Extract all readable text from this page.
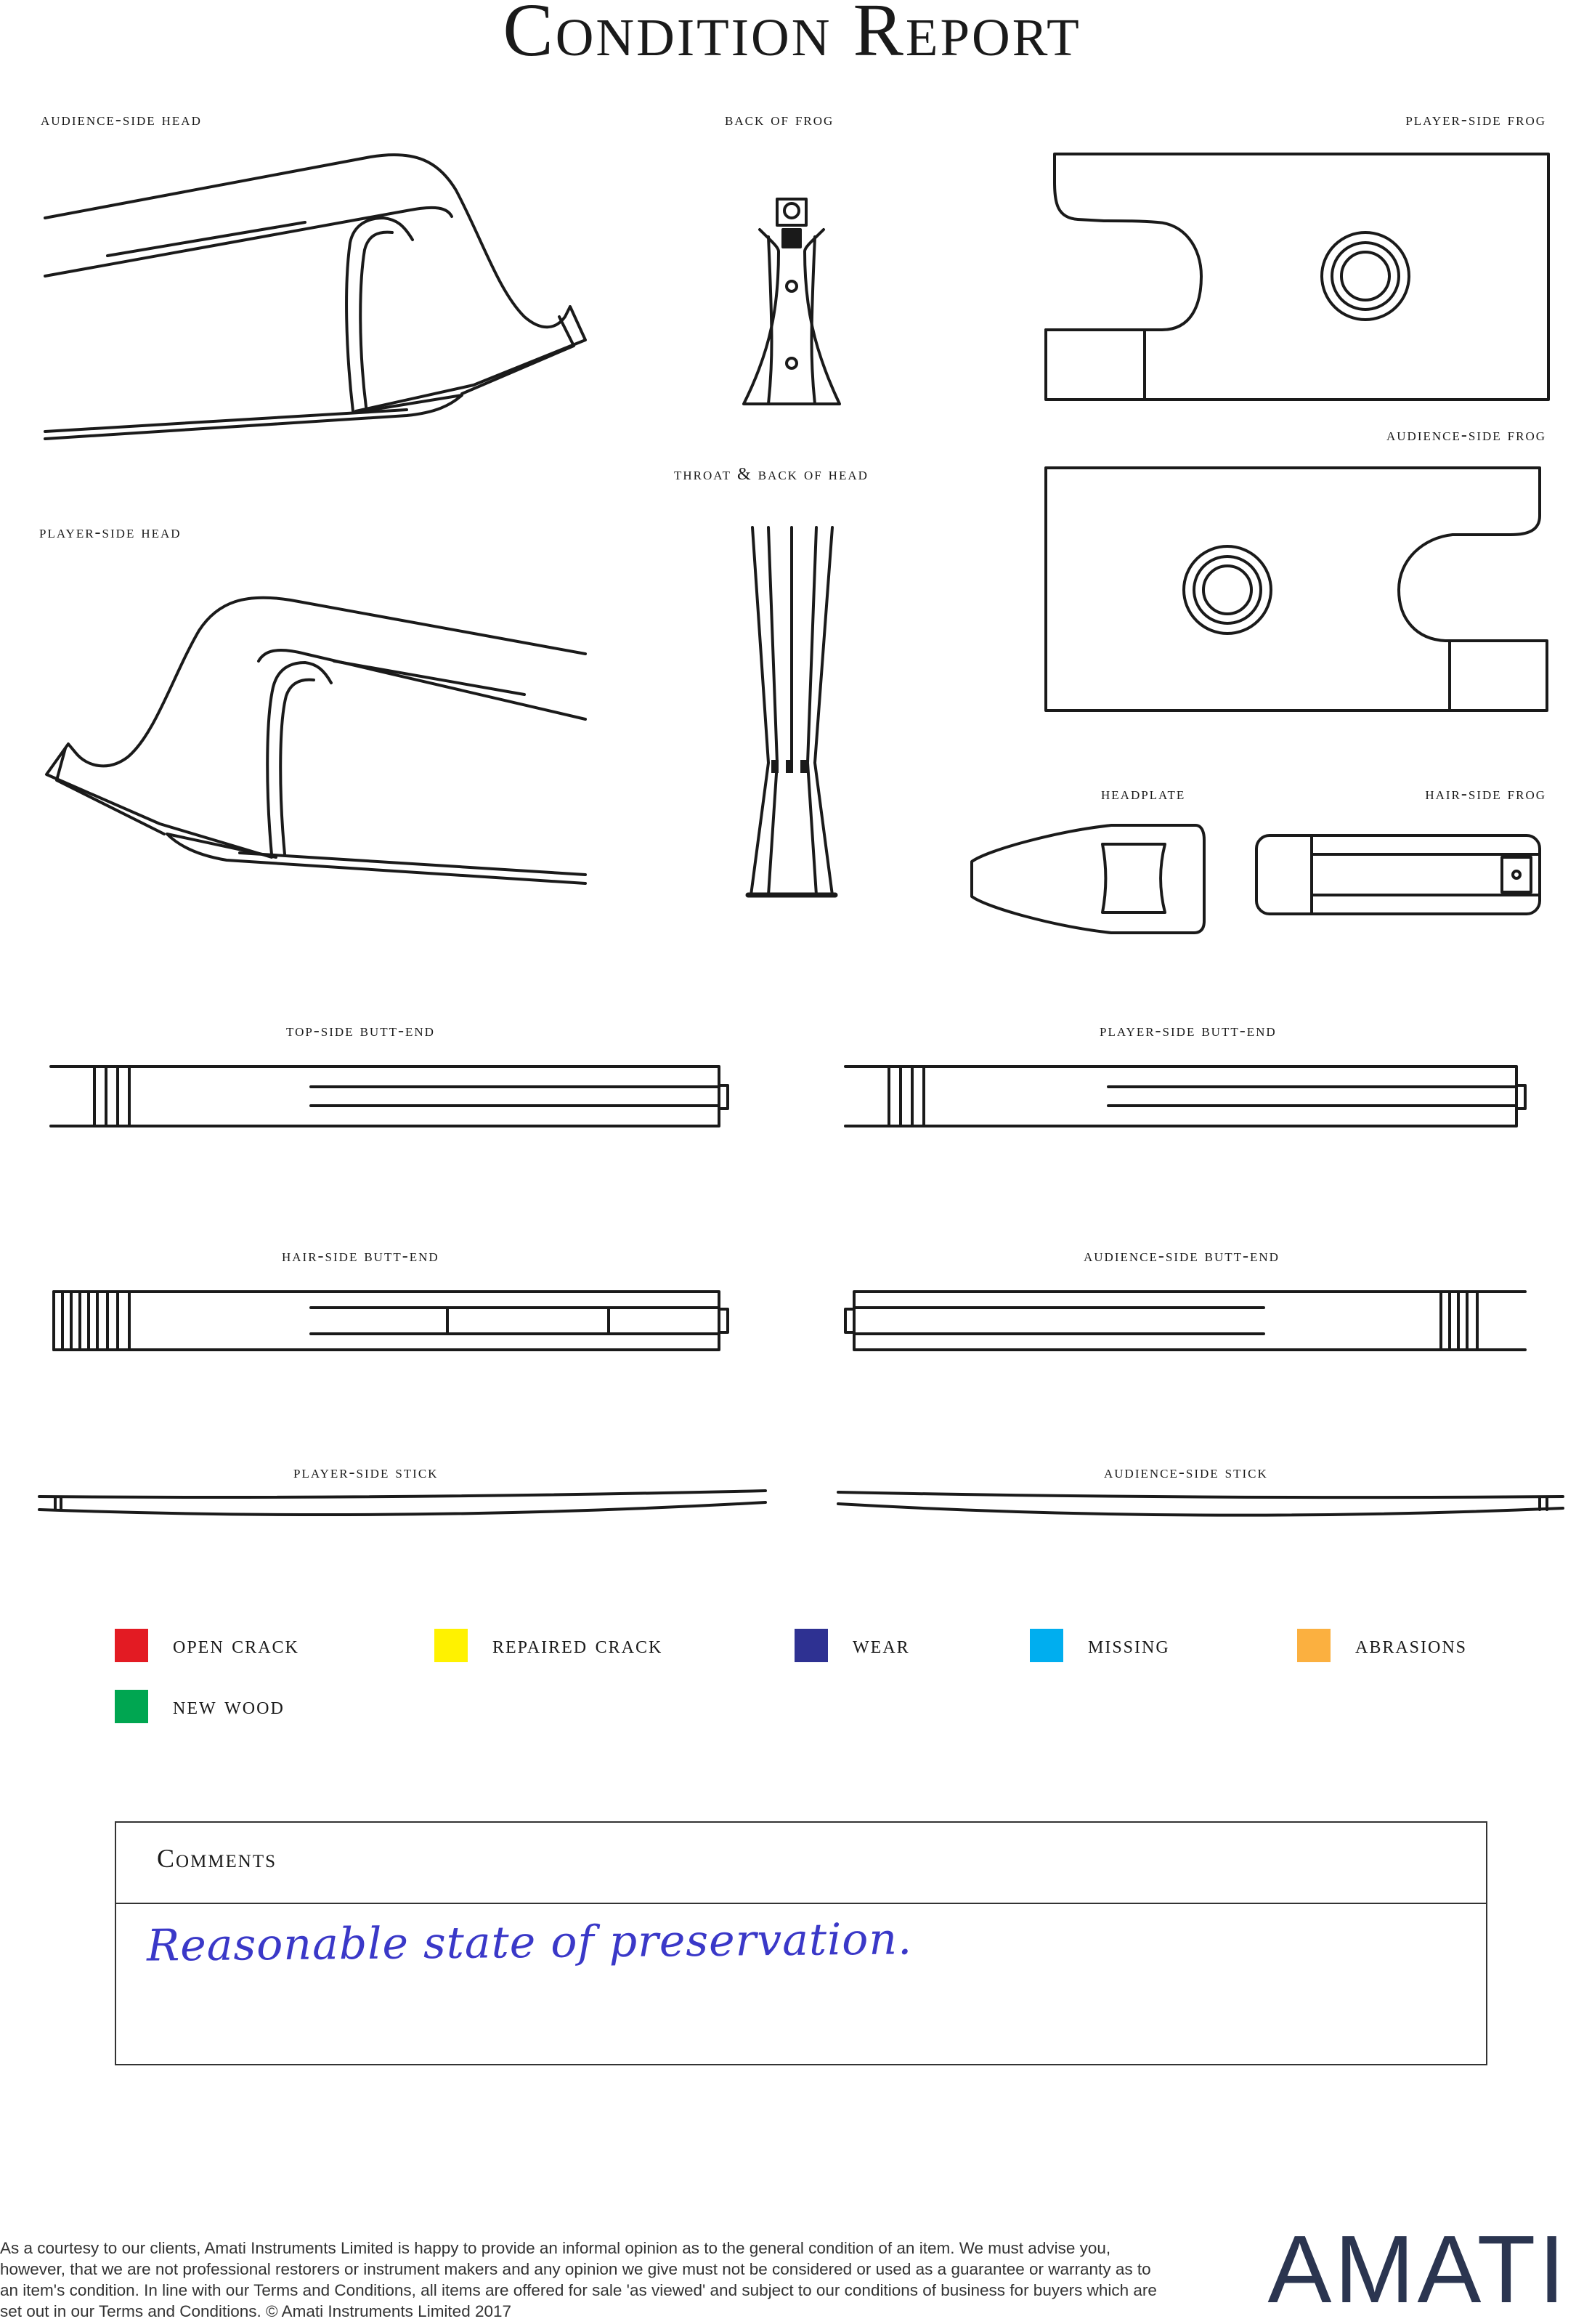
Condition Report
audience-side head	back of frog	player-side frog
audience-side frog
throat & back of head
player-side head
headplate	hair-side frog
top-side butt-end	player-side butt-end
hair-side butt-end	audience-side butt-end
player-side stick	audience-side stick
open crack	repaired crack	wear	missing	abrasions
new wood
Comments
Reasonable state of preservation.
As a courtesy to our clients, Amati Instruments Limited is happy to provide an informal opinion as to the general condition of an item. We must advise you, however, that we are not professional restorers or instrument makers and any opinion we give must not be considered or used as a guarantee or warranty as to an item's condition. In line with our Terms and Conditions, all items are offered for sale 'as viewed' and subject to our conditions of business for buyers which are set out in our Terms and Conditions. © Amati Instruments Limited 2017	AMATI
